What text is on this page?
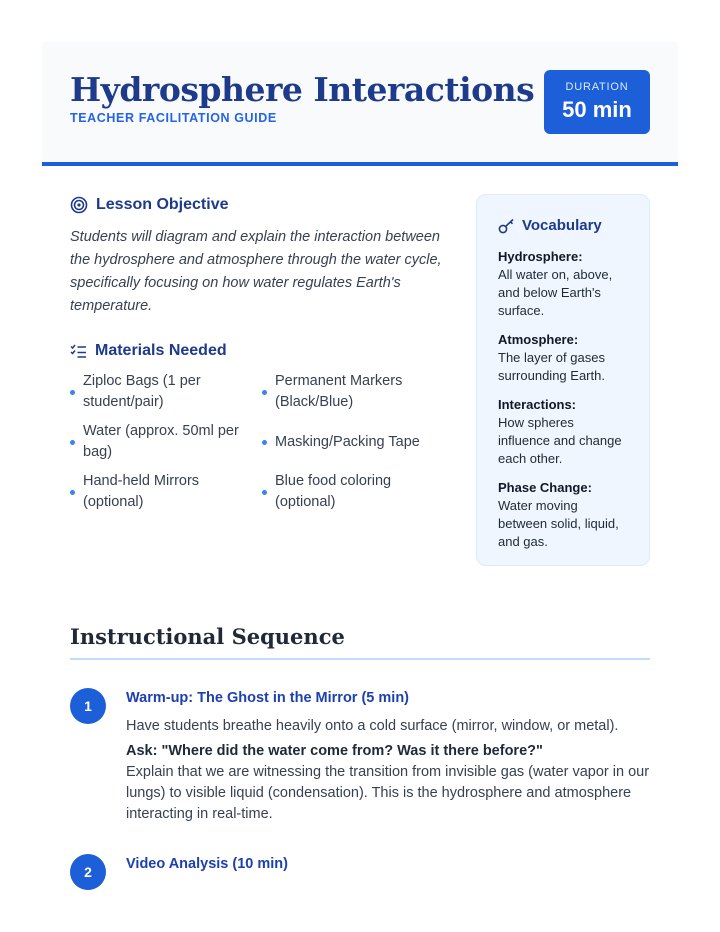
Hydrosphere Interactions
TEACHER FACILITATION GUIDE
DURATION
50 min
Lesson Objective

Students will diagram and explain the interaction between the hydrosphere and atmosphere through the water cycle, specifically focusing on how water regulates Earth's temperature.

Materials Needed
Ziploc Bags (1 per student/pair)
Permanent Markers (Black/Blue)
Water (approx. 50ml per bag)
Masking/Packing Tape
Hand-held Mirrors (optional)
Blue food coloring (optional)
Vocabulary
Hydrosphere:
All water on, above, and below Earth's surface.
Atmosphere:
The layer of gases surrounding Earth.
Interactions:
How spheres influence and change each other.
Phase Change:
Water moving between solid, liquid, and gas.
Instructional Sequence
1	Warm-up: The Ghost in the Mirror (5 min)
Have students breathe heavily onto a cold surface (mirror, window, or metal).
Ask: "Where did the water come from? Was it there before?"
Explain that we are witnessing the transition from invisible gas (water vapor in our lungs) to visible liquid (condensation). This is the hydrosphere and atmosphere interacting in real-time.
2	Video Analysis (10 min)
